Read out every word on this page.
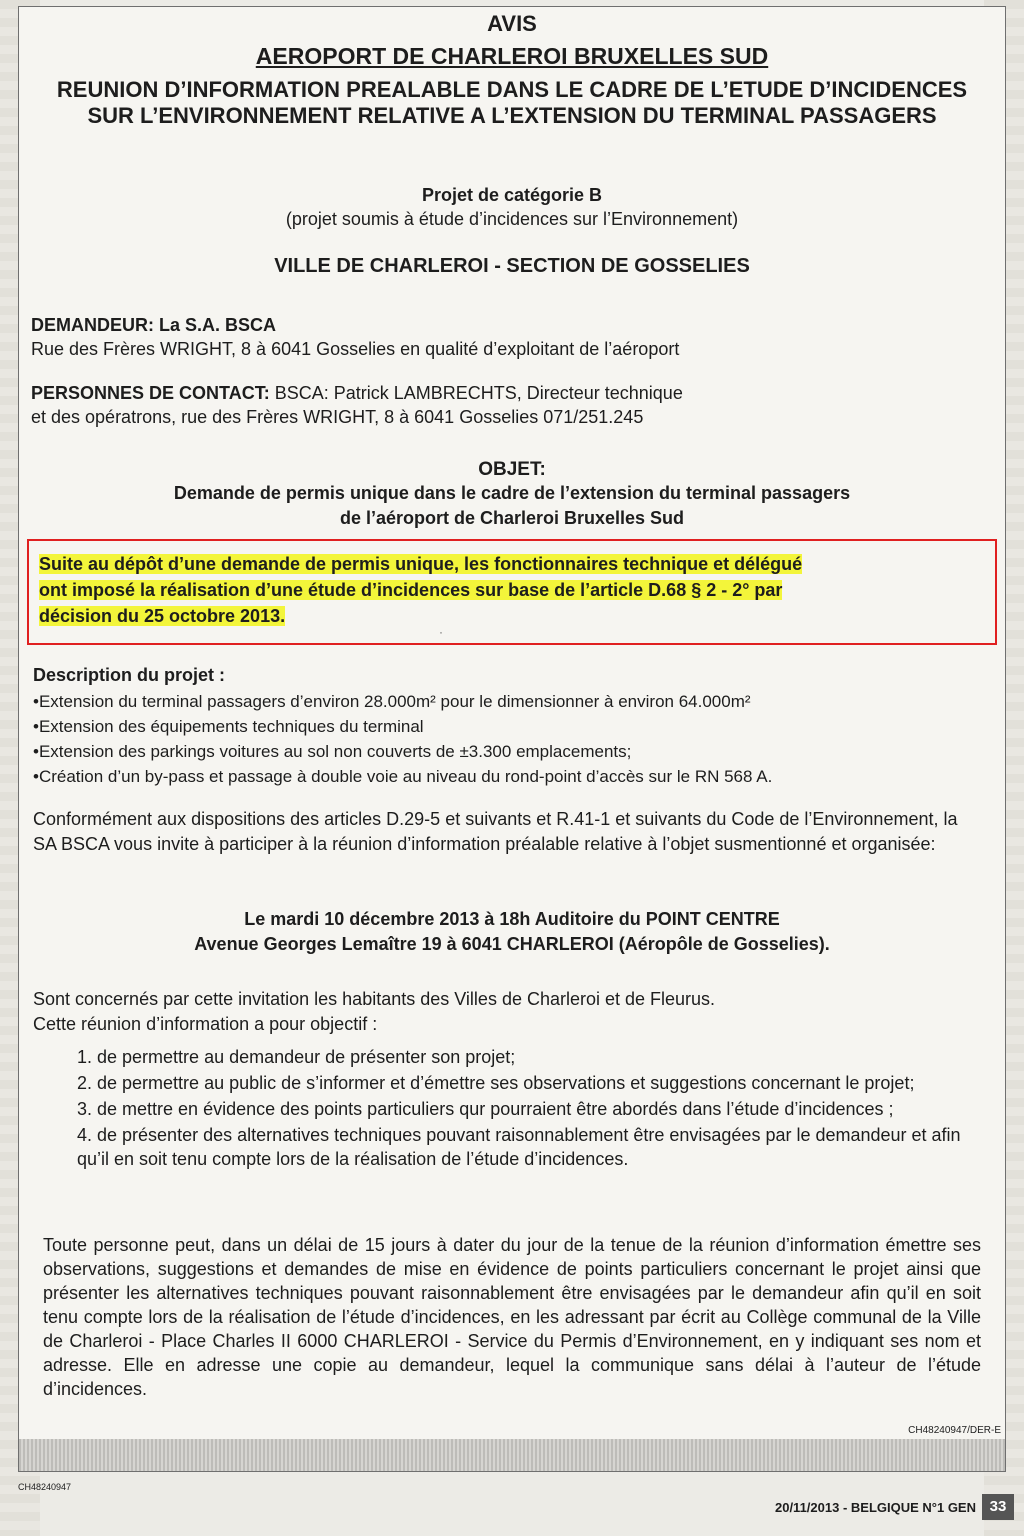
AVIS
AEROPORT DE CHARLEROI BRUXELLES SUD
REUNION D’INFORMATION PREALABLE DANS LE CADRE DE L’ETUDE D’INCIDENCES SUR L’ENVIRONNEMENT RELATIVE A L’EXTENSION DU TERMINAL PASSAGERS
Projet de catégorie B
(projet soumis à étude d’incidences sur l’Environnement)
VILLE DE CHARLEROI - SECTION DE GOSSELIES
DEMANDEUR: La S.A. BSCA
Rue des Frères WRIGHT, 8 à 6041 Gosselies en qualité d’exploitant de l’aéroport
PERSONNES DE CONTACT: BSCA: Patrick LAMBRECHTS, Directeur technique
et des opératrons, rue des Frères WRIGHT, 8 à 6041 Gosselies 071/251.245
OBJET:
Demande de permis unique dans le cadre de l’extension du terminal passagers
de l’aéroport de Charleroi Bruxelles Sud
Suite au dépôt d’une demande de permis unique, les fonctionnaires technique et délégué
ont imposé la réalisation d’une étude d’incidences sur base de l’article D.68 § 2 - 2° par
décision du 25 octobre 2013.
·
Description du projet :
• Extension du terminal passagers d’environ 28.000m² pour le dimensionner à environ 64.000m²
• Extension des équipements techniques du terminal
• Extension des parkings voitures au sol non couverts de ±3.300 emplacements;
• Création d’un by-pass et passage à double voie au niveau du rond-point d’accès sur le RN 568 A.
Conformément aux dispositions des articles D.29-5 et suivants et R.41-1 et suivants du Code de l’Environnement, la SA BSCA vous invite à participer à la réunion d’information préalable relative à l’objet susmentionné et organisée:
Le mardi 10 décembre 2013 à 18h Auditoire du POINT CENTRE
Avenue Georges Lemaître 19 à 6041 CHARLEROI (Aéropôle de Gosselies).
Sont concernés par cette invitation les habitants des Villes de Charleroi et de Fleurus.
Cette réunion d’information a pour objectif :
1. de permettre au demandeur de présenter son projet;
2. de permettre au public de s’informer et d’émettre ses observations et suggestions concernant le projet;
3. de mettre en évidence des points particuliers qur pourraient être abordés dans l’étude d’incidences ;
4. de présenter des alternatives techniques pouvant raisonnablement être envisagées par le demandeur et afin qu’il en soit tenu compte lors de la réalisation de l’étude d’incidences.
Toute personne peut, dans un délai de 15 jours à dater du jour de la tenue de la réunion d’information émettre ses observations, suggestions et demandes de mise en évidence de points particuliers concernant le projet ainsi que présenter les alternatives techniques pouvant raisonnablement être envisagées par le demandeur afin qu’il en soit tenu compte lors de la réalisation de l’étude d’incidences, en les adressant par écrit au Collège communal de la Ville de Charleroi - Place Charles II 6000 CHARLEROI - Service du Permis d’Environnement, en y indiquant ses nom et adresse. Elle en adresse une copie au demandeur, lequel la communique sans délai à l’auteur de l’étude d’incidences.
CH48240947/DER-E
CH48240947
20/11/2013 - BELGIQUE N°1 GEN 33
